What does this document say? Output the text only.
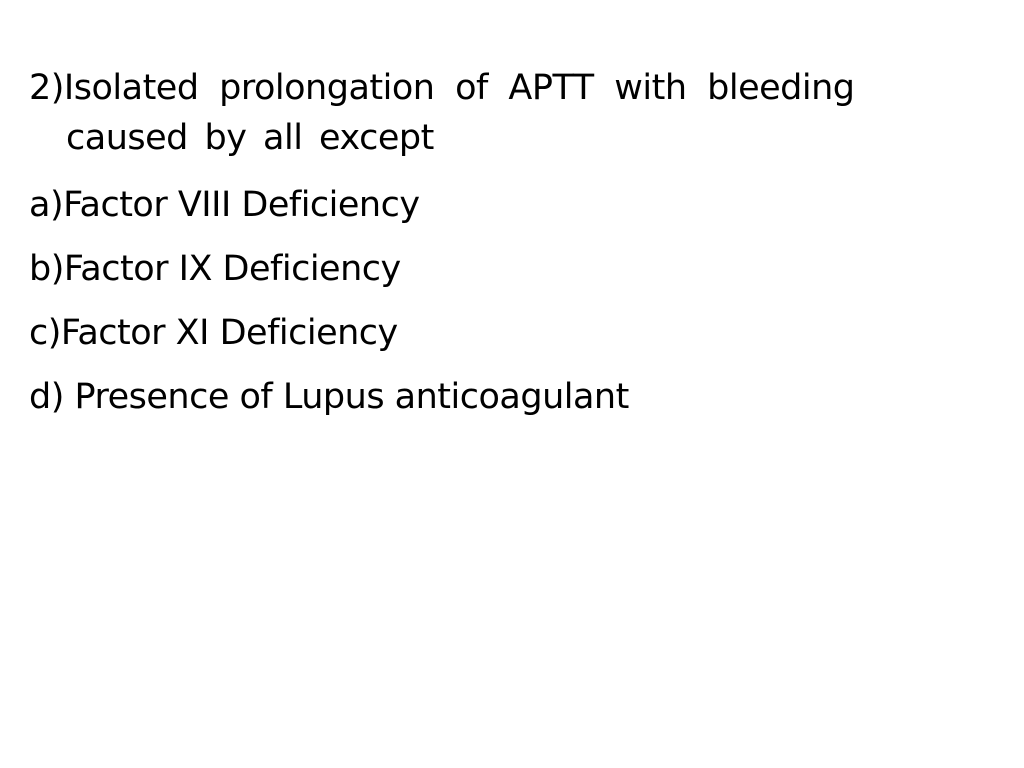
2)Isolated prolongation of APTT with bleeding
caused by all except
a)Factor VIII Deficiency
b)Factor IX Deficiency
c)Factor XI Deficiency
d) Presence of Lupus anticoagulant
